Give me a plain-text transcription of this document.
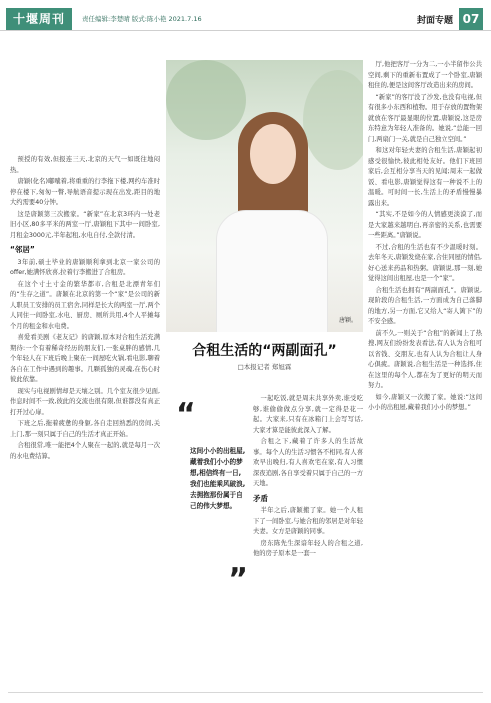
十堰周刊	责任编辑:李楚晴 版式:陈小艳 2021.7.16	封面专题 07

预授的有效,但报连三天,北京的天气一如既往地闷热。

唐颖(化名)嘟囔着,将重重的行李拖下楼,网约车准时停在楼下,匆匆一瞥,导航语音提示现在出发,距目的地大约需要40分钟。

这是唐颖第三次搬家。“新家”在北京3环内一处老旧小区,80多平米的两室一厅,唐颖租下其中一间卧室,月租金3000元,半年起租,水电自付,全款付清。

“邻居”

3年前,硕士毕业的唐颖顺利拿到北京一家公司的offer,她满怀欣喜,拉着行李搬进了合租房。

在这个寸土寸金的繁华都市,合租是北漂青年们的“生存之道”。唐颖在北京的第一个“家”是公司的新人职员工安排的员工宿舍,同样是长大的两室一厅,两个人同住一间卧室,水电、厨房、厕所共用,4个人平摊每个月的租金和水电费。

喜爱看美剧《老友记》的唐颖,原本对合租生活充满期待:一个有着稀奇经历的朋友们,一张桌胖的感情,几个年轻人在下班后晚上聚在一间屋吃火锅,看电影,聊着各自在工作中遇到的趣事。几颗孤独的灵魂,在伤心时彼此依靠。

现实与电视剧情却是天壤之别。几个室友很少见面,作息时间不一致,彼此的交流也很有限,但谁都没有真正打开过心扉。

下班之后,拖着疲惫的身躯,各自走回熟悉的房间,关上门,那一刻只属于自己的生活才真正开始。

合租很常,唯一能把4个人聚在一起的,就是每月一次的水电费结算。

唐颖。
合租生活的“两副面孔”
□本报记者 郑旭霖
“
这间小小的出租屋,藏着我们小小的梦想,相信终有一日,我们也能乘风破浪,去拥抱那份属于自己的伟大梦想。
”

一起吃饭,就是周末共享外卖,谁受吃够,谁偷偷做点分享,就一定得是花一起。大家来,只有在冰箱门上会写写话,大家才算是能彼此深入了解。

合租之下,藏着了许多人的生活故事。每个人的生活习惯各不相同,有人喜欢早出晚归,有人喜欢宅在家,有人习惯深夜追剧,各自享受着只属于自己的一方天地。

矛盾

半年之后,唐颖搬了家。她一个人租下了一间卧室,与她合租的邻居是对年轻夫妻。女方是唐颖的同事。

房东陈先生深谙年轻人的合租之道,他的房子原本是一套一

厅,他把客厅一分为二,一小半留作公共空间,剩下的重新布置成了一个卧室,唐颖租住的,便是这间客厅改造出来的房间。

“新家”的客厅没了沙发,也没有电视,但有很多小东西和植物。用于存放的置物架就放在客厅最显眼的位置,唐颖说,这是房东特意为年轻人准备的。她说,“总能一回门,两扇门一关,就是自己独立空间。”

和这对年轻夫妻的合租生活,唐颖起初感受很愉快,彼此相处友好。他们下班回家后,会互相分享当天的见闻;周末一起做饭、看电影,唐颖觉得这有一种说不上的温暖。可时间一长,生活上的矛盾慢慢暴露出来。

“其实,不是如今的人情感更淡漠了,而是大家越来越明白,再亲密的关系,也需要一些距离。”唐颖说。

不过,合租的生活也有不少温暖时刻。去年冬天,唐颖发烧在家,合住同屋的情侣,好心送来药品和热粥。唐颖说,那一刻,她觉得这间出租屋,也是一个“家”。

合租生活也拥有“两副面孔”。唐颖说,现阶段的合租生活,一方面成为自己落脚的地方,另一方面,它又给人“寄人篱下”的不安全感。

前不久,一则关于“合租”的新闻上了热搜,网友们纷纷发表看法,有人认为合租可以省钱、交朋友,也有人认为合租让人身心俱疲。唐颖说,合租生活是一种选择,住在这里的每个人,都在为了更好的明天而努力。

如今,唐颖又一次搬了家。她说:“这间小小的出租屋,藏着我们小小的梦想。”
